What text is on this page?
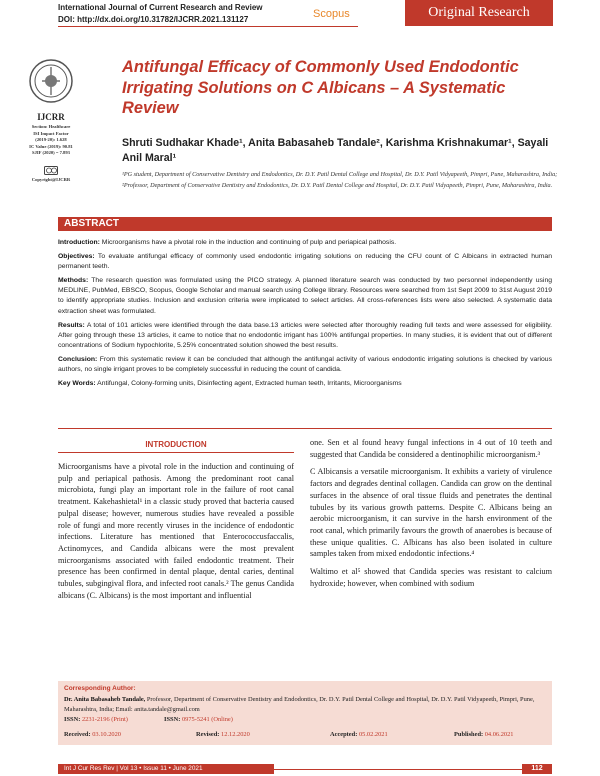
International Journal of Current Research and Review
DOI: http://dx.doi.org/10.31782/IJCRR.2021.131127	Scopus	Original Research
IJCRR
Section: Healthcare
ISI Impact Factor
(2019-20): 1.628
IC Value (2019): 90.81
SJIF (2020) = 7.893
Copyright@IJCRR
Antifungal Efficacy of Commonly Used Endodontic Irrigating Solutions on C Albicans – A Systematic Review
Shruti Sudhakar Khade¹, Anita Babasaheb Tandale², Karishma Krishnakumar¹, Sayali Anil Maral¹
¹PG student, Department of Conservative Dentistry and Endodontics, Dr. D.Y. Patil Dental College and Hospital, Dr. D.Y. Patil Vidyapeeth, Pimpri, Pune, Maharashtra, India; ²Professor, Department of Conservative Dentistry and Endodontics, Dr. D.Y. Patil Dental College and Hospital, Dr. D.Y. Patil Vidyapeeth, Pimpri, Pune, Maharashtra, India.
ABSTRACT

Introduction: Microorganisms have a pivotal role in the induction and continuing of pulp and periapical pathosis.

Objectives: To evaluate antifungal efficacy of commonly used endodontic irrigating solutions on reducing the CFU count of C Albicans in extracted human permanent teeth.

Methods: The research question was formulated using the PICO strategy. A planned literature search was conducted by two personnel independently using MEDLINE, PubMed, EBSCO, Scopus, Google Scholar and manual search using College library. Resources were searched from 1st Sept 2009 to 31st August 2019 to identify appropriate studies. Inclusion and exclusion criteria were implicated to select articles. All cross-references lists were also selected. A systematic data extraction sheet was formulated.

Results: A total of 101 articles were identified through the data base.13 articles were selected after thoroughly reading full texts and were assessed for eligibility. After going through these 13 articles, it came to notice that no endodontic irrigant has 100% antifungal properties. In many studies, it is evident that out of different concentrations of Sodium hypochlorite, 5.25% concentrated solution showed the best results.

Conclusion: From this systematic review it can be concluded that although the antifungal activity of various endodontic irrigating solutions is checked by various authors, no single irrigant proves to be completely successful in reducing the count of candida.

Key Words: Antifungal, Colony-forming units, Disinfecting agent, Extracted human teeth, Irritants, Microorganisms

INTRODUCTION

Microorganisms have a pivotal role in the induction and continuing of pulp and periapical pathosis. Among the predominant root canal microbiota, fungi play an important role in the failure of root canal treatment. Kakehashietal¹ in a classic study proved that bacteria caused pulpal disease; however, numerous studies have revealed a possible role of fungi and more recently viruses in the incidence of endodontic infections. Literature has mentioned that Enterococcusfaccalis, Actinomyces, and Candida albicans were the most prevalent microorganisms associated with failed endodontic treatment. Their presence has been confirmed in dental plaque, dental caries, dentinal tubules, subgingival flora, and infected root canals.² The genus Candida albicans (C. Albicans) is the most important and influential

one. Sen et al found heavy fungal infections in 4 out of 10 teeth and suggested that Candida be considered a dentinophilic microorganism.³

C Albicansis a versatile microorganism. It exhibits a variety of virulence factors and degrades dentinal collagen. Candida can grow on the dentinal surfaces in the absence of oral tissue fluids and penetrates the dentinal tubules by its various growth patterns. Despite C. Albicans being an aerobic microorganism, it can survive in the harsh environment of the root canal, which primarily favours the growth of anaerobes is because of these unique qualities. C. Albicans has also been isolated in culture samples taken from mixed endodontic infections.⁴

Waltimo et al⁵ showed that Candida species was resistant to calcium hydroxide; however, when combined with sodium

Corresponding Author:
Dr. Anita Babasaheb Tandale, Professor, Department of Conservative Dentistry and Endodontics, Dr. D.Y. Patil Dental College and Hospital, Dr. D.Y. Patil Vidyapeeth, Pimpri, Pune, Maharashtra, India; Email: anita.tandale@gmail.com
ISSN: 2231-2196 (Print)	ISSN: 0975-5241 (Online)
Received: 03.10.2020	Revised: 12.12.2020	Accepted: 05.02.2021	Published: 04.06.2021
Int J Cur Res Rev | Vol 13 • Issue 11 • June 2021	112
